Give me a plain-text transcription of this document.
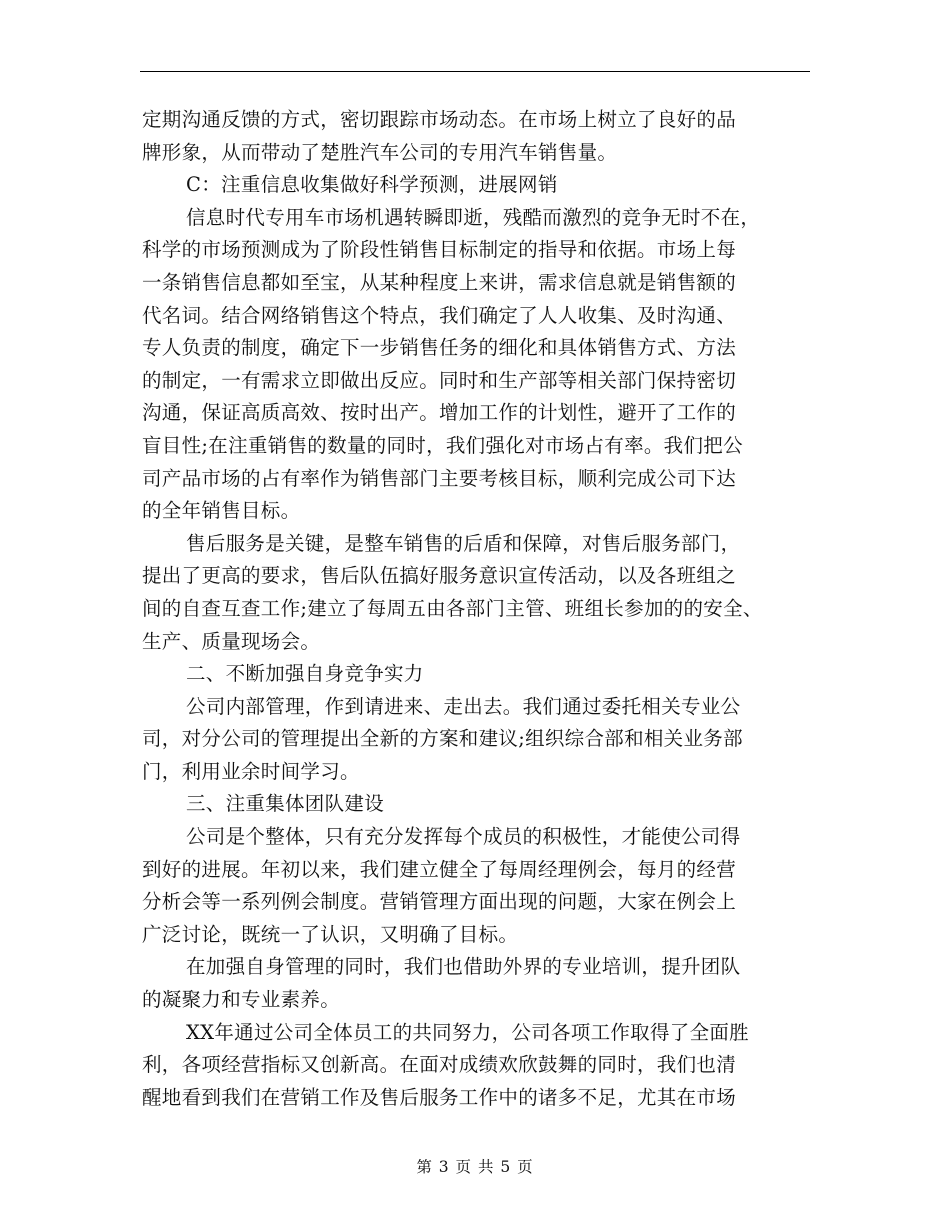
定期沟通反馈的方式，密切跟踪市场动态。在市场上树立了良好的品
牌形象，从而带动了楚胜汽车公司的专用汽车销售量。
C：注重信息收集做好科学预测，进展网销
信息时代专用车市场机遇转瞬即逝，残酷而激烈的竞争无时不在，
科学的市场预测成为了阶段性销售目标制定的指导和依据。市场上每
一条销售信息都如至宝，从某种程度上来讲，需求信息就是销售额的
代名词。结合网络销售这个特点，我们确定了人人收集、及时沟通、
专人负责的制度，确定下一步销售任务的细化和具体销售方式、方法
的制定，一有需求立即做出反应。同时和生产部等相关部门保持密切
沟通，保证高质高效、按时出产。增加工作的计划性，避开了工作的
盲目性;在注重销售的数量的同时，我们强化对市场占有率。我们把公
司产品市场的占有率作为销售部门主要考核目标，顺利完成公司下达
的全年销售目标。
售后服务是关键，是整车销售的后盾和保障，对售后服务部门，
提出了更高的要求，售后队伍搞好服务意识宣传活动，以及各班组之
间的自查互查工作;建立了每周五由各部门主管、班组长参加的的安全、
生产、质量现场会。
二、不断加强自身竞争实力
公司内部管理，作到请进来、走出去。我们通过委托相关专业公
司，对分公司的管理提出全新的方案和建议;组织综合部和相关业务部
门，利用业余时间学习。
三、注重集体团队建设
公司是个整体，只有充分发挥每个成员的积极性，才能使公司得
到好的进展。年初以来，我们建立健全了每周经理例会，每月的经营
分析会等一系列例会制度。营销管理方面出现的问题，大家在例会上
广泛讨论，既统一了认识，又明确了目标。
在加强自身管理的同时，我们也借助外界的专业培训，提升团队
的凝聚力和专业素养。
XX年通过公司全体员工的共同努力，公司各项工作取得了全面胜
利，各项经营指标又创新高。在面对成绩欢欣鼓舞的同时，我们也清
醒地看到我们在营销工作及售后服务工作中的诸多不足，尤其在市场
第 3 页 共 5 页
